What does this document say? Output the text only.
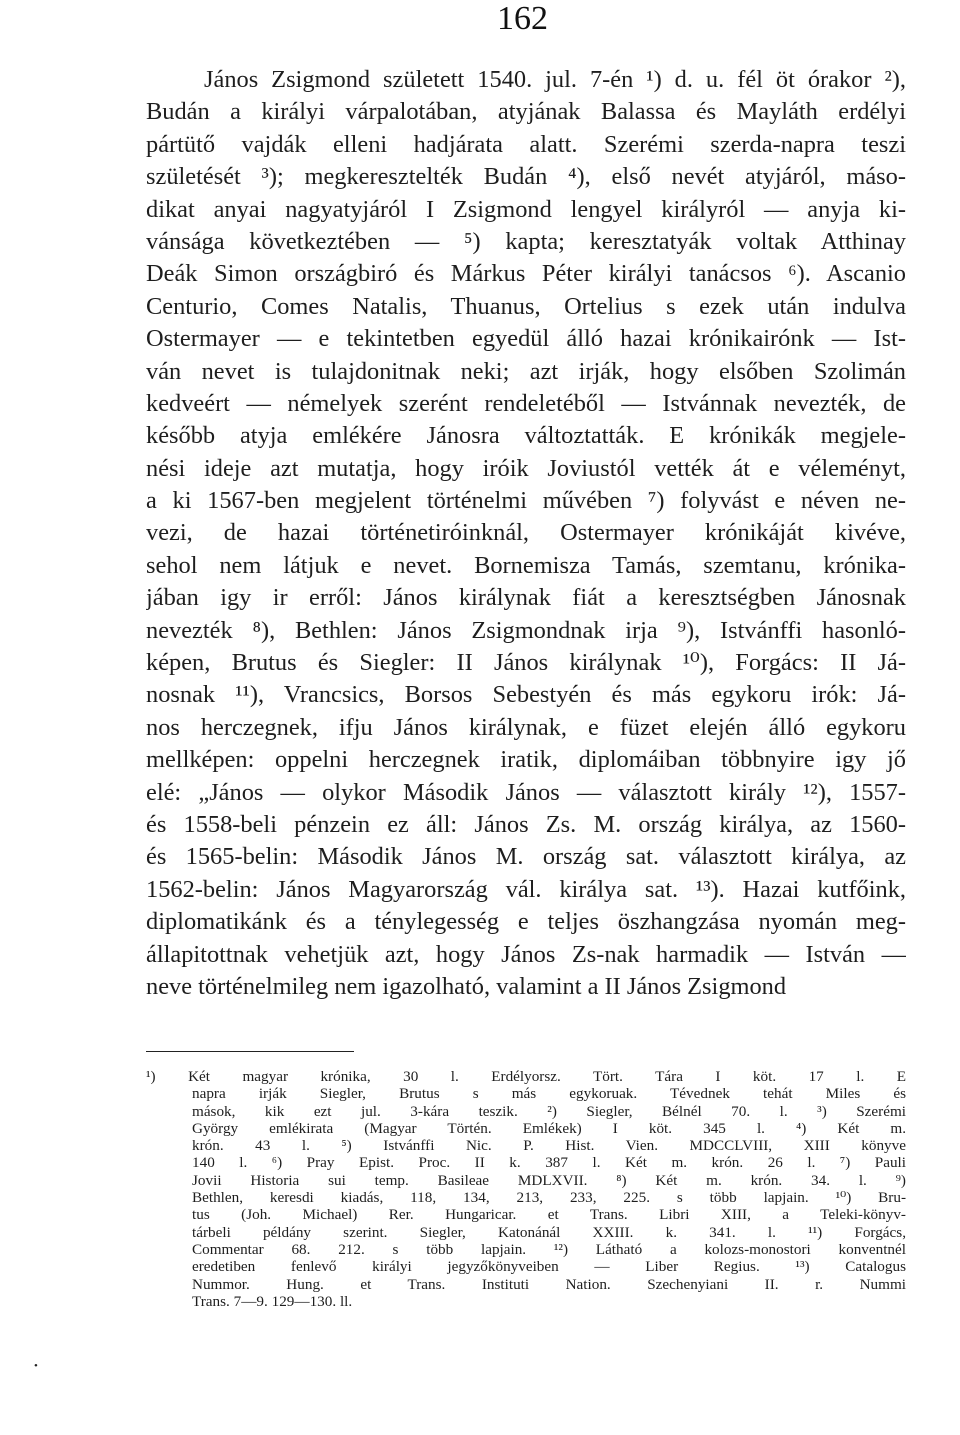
162
János Zsigmond született 1540. jul. 7-én ¹) d. u. fél öt órakor ²),
Budán a királyi várpalotában, atyjának Balassa és Mayláth erdélyi
pártütő vajdák elleni hadjárata alatt. Szerémi szerda-napra teszi
születését ³); megkeresztelték Budán ⁴), első nevét atyjáról, máso-
dikat anyai nagyatyjáról I Zsigmond lengyel királyról — anyja ki-
vánsága következtében — ⁵) kapta; keresztatyák voltak Atthinay
Deák Simon országbiró és Márkus Péter királyi tanácsos ⁶). Ascanio
Centurio, Comes Natalis, Thuanus, Ortelius s ezek után indulva
Ostermayer — e tekintetben egyedül álló hazai krónikairónk — Ist-
ván nevet is tulajdonitnak neki; azt irják, hogy elsőben Szolimán
kedveért — némelyek szerént rendeletéből — Istvánnak nevezték, de
később atyja emlékére Jánosra változtatták. E krónikák megjele-
nési ideje azt mutatja, hogy iróik Joviustól vették át e véleményt,
a ki 1567-ben megjelent történelmi művében ⁷) folyvást e néven ne-
vezi, de hazai történetiróinknál, Ostermayer krónikáját kivéve,
sehol nem látjuk e nevet. Bornemisza Tamás, szemtanu, krónika-
jában igy ir erről: János királynak fiát a keresztségben Jánosnak
nevezték ⁸), Bethlen: János Zsigmondnak irja ⁹), Istvánffi hasonló-
képen, Brutus és Siegler: II János királynak ¹⁰), Forgács: II Já-
nosnak ¹¹), Vrancsics, Borsos Sebestyén és más egykoru irók: Já-
nos herczegnek, ifju János királynak, e füzet elején álló egykoru
mellképen: oppelni herczegnek iratik, diplomáiban többnyire igy jő
elé: „János — olykor Második János — választott király ¹²), 1557-
és 1558-beli pénzein ez áll: János Zs. M. ország királya, az 1560-
és 1565-belin: Második János M. ország sat. választott királya, az
1562-belin: János Magyarország vál. királya sat. ¹³). Hazai kutfőink,
diplomatikánk és a ténylegesség e teljes öszhangzása nyomán meg-
állapitottnak vehetjük azt, hogy János Zs-nak harmadik — István —
neve történelmileg nem igazolható, valamint a II János Zsigmond
¹) Két magyar krónika, 30 l. Erdélyorsz. Tört. Tára I köt. 17 l. E
napra irják Siegler, Brutus s más egykoruak. Tévednek tehát Miles és
mások, kik ezt jul. 3-kára teszik. ²) Siegler, Bélnél 70. l. ³) Szerémi
György emlékirata (Magyar Történ. Emlékek) I köt. 345 l. ⁴) Két m.
krón. 43 l. ⁵) Istvánffi Nic. P. Hist. Vien. MDCCLVIII, XIII könyve
140 l. ⁶) Pray Epist. Proc. II k. 387 l. Két m. krón. 26 l. ⁷) Pauli
Jovii Historia sui temp. Basileae MDLXVII. ⁸) Két m. krón. 34. l. ⁹)
Bethlen, keresdi kiadás, 118, 134, 213, 233, 225. s több lapjain. ¹⁰) Bru-
tus (Joh. Michael) Rer. Hungaricar. et Trans. Libri XIII, a Teleki-könyv-
tárbeli példány szerint. Siegler, Katonánál XXIII. k. 341. l. ¹¹) Forgács,
Commentar 68. 212. s több lapjain. ¹²) Látható a kolozs-monostori konventnél
eredetiben fenlevő királyi jegyzőkönyveiben — Liber Regius. ¹³) Catalogus
Nummor. Hung. et Trans. Instituti Nation. Szechenyiani II. r. Nummi
Trans. 7—9. 129—130. ll.
•
